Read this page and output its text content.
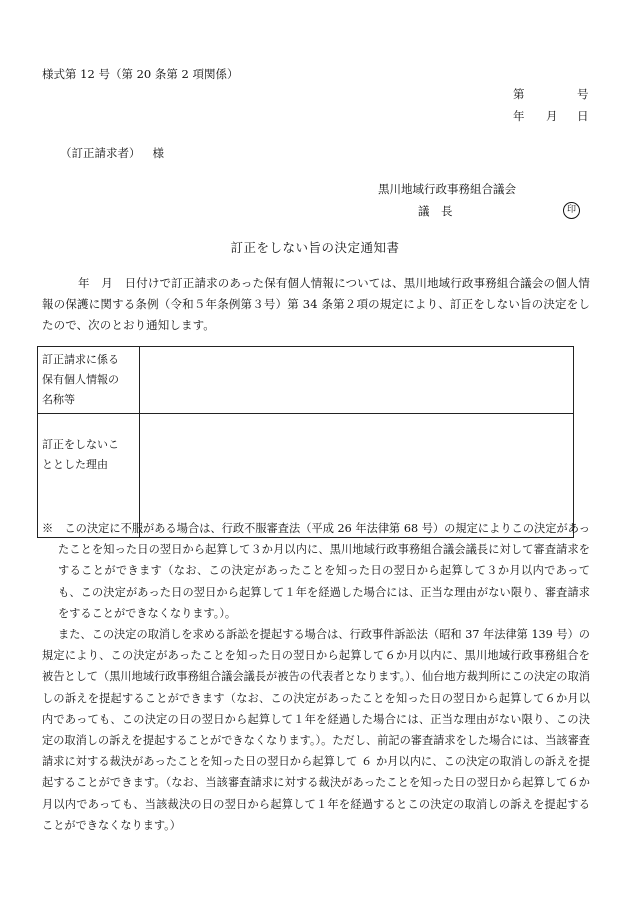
様式第 12 号（第 20 条第 2 項関係）
第	号
年 月 日
（訂正請求者） 様
黒川地域行政事務組合議会
議　長	印
訂正をしない旨の決定通知書
年　月　日付けで訂正請求のあった保有個人情報については、黒川地域行政事務組合議会の個人情報の保護に関する条例（令和５年条例第３号）第 34 条第２項の規定により、訂正をしない旨の決定をしたので、次のとおり通知します。
訂正請求に係る
保有個人情報の
名称等	
訂正をしないこ
ととした理由	
※　この決定に不服がある場合は、行政不服審査法（平成 26 年法律第 68 号）の規定によりこの決定があったことを知った日の翌日から起算して３か月以内に、黒川地域行政事務組合議会議長に対して審査請求をすることができます（なお、この決定があったことを知った日の翌日から起算して３か月以内であっても、この決定があった日の翌日から起算して１年を経過した場合には、正当な理由がない限り、審査請求をすることができなくなります。）。
また、この決定の取消しを求める訴訟を提起する場合は、行政事件訴訟法（昭和 37 年法律第 139 号）の規定により、この決定があったことを知った日の翌日から起算して６か月以内に、黒川地域行政事務組合を被告として（黒川地域行政事務組合議会議長が被告の代表者となります。）、仙台地方裁判所にこの決定の取消しの訴えを提起することができます（なお、この決定があったことを知った日の翌日から起算して６か月以内であっても、この決定の日の翌日から起算して１年を経過した場合には、正当な理由がない限り、この決定の取消しの訴えを提起することができなくなります。）。ただし、前記の審査請求をした場合には、当該審査請求に対する裁決があったことを知った日の翌日から起算して ６ か月以内に、この決定の取消しの訴えを提起することができます。（なお、当該審査請求に対する裁決があったことを知った日の翌日から起算して６か月以内であっても、当該裁決の日の翌日から起算して１年を経過するとこの決定の取消しの訴えを提起することができなくなります。）
